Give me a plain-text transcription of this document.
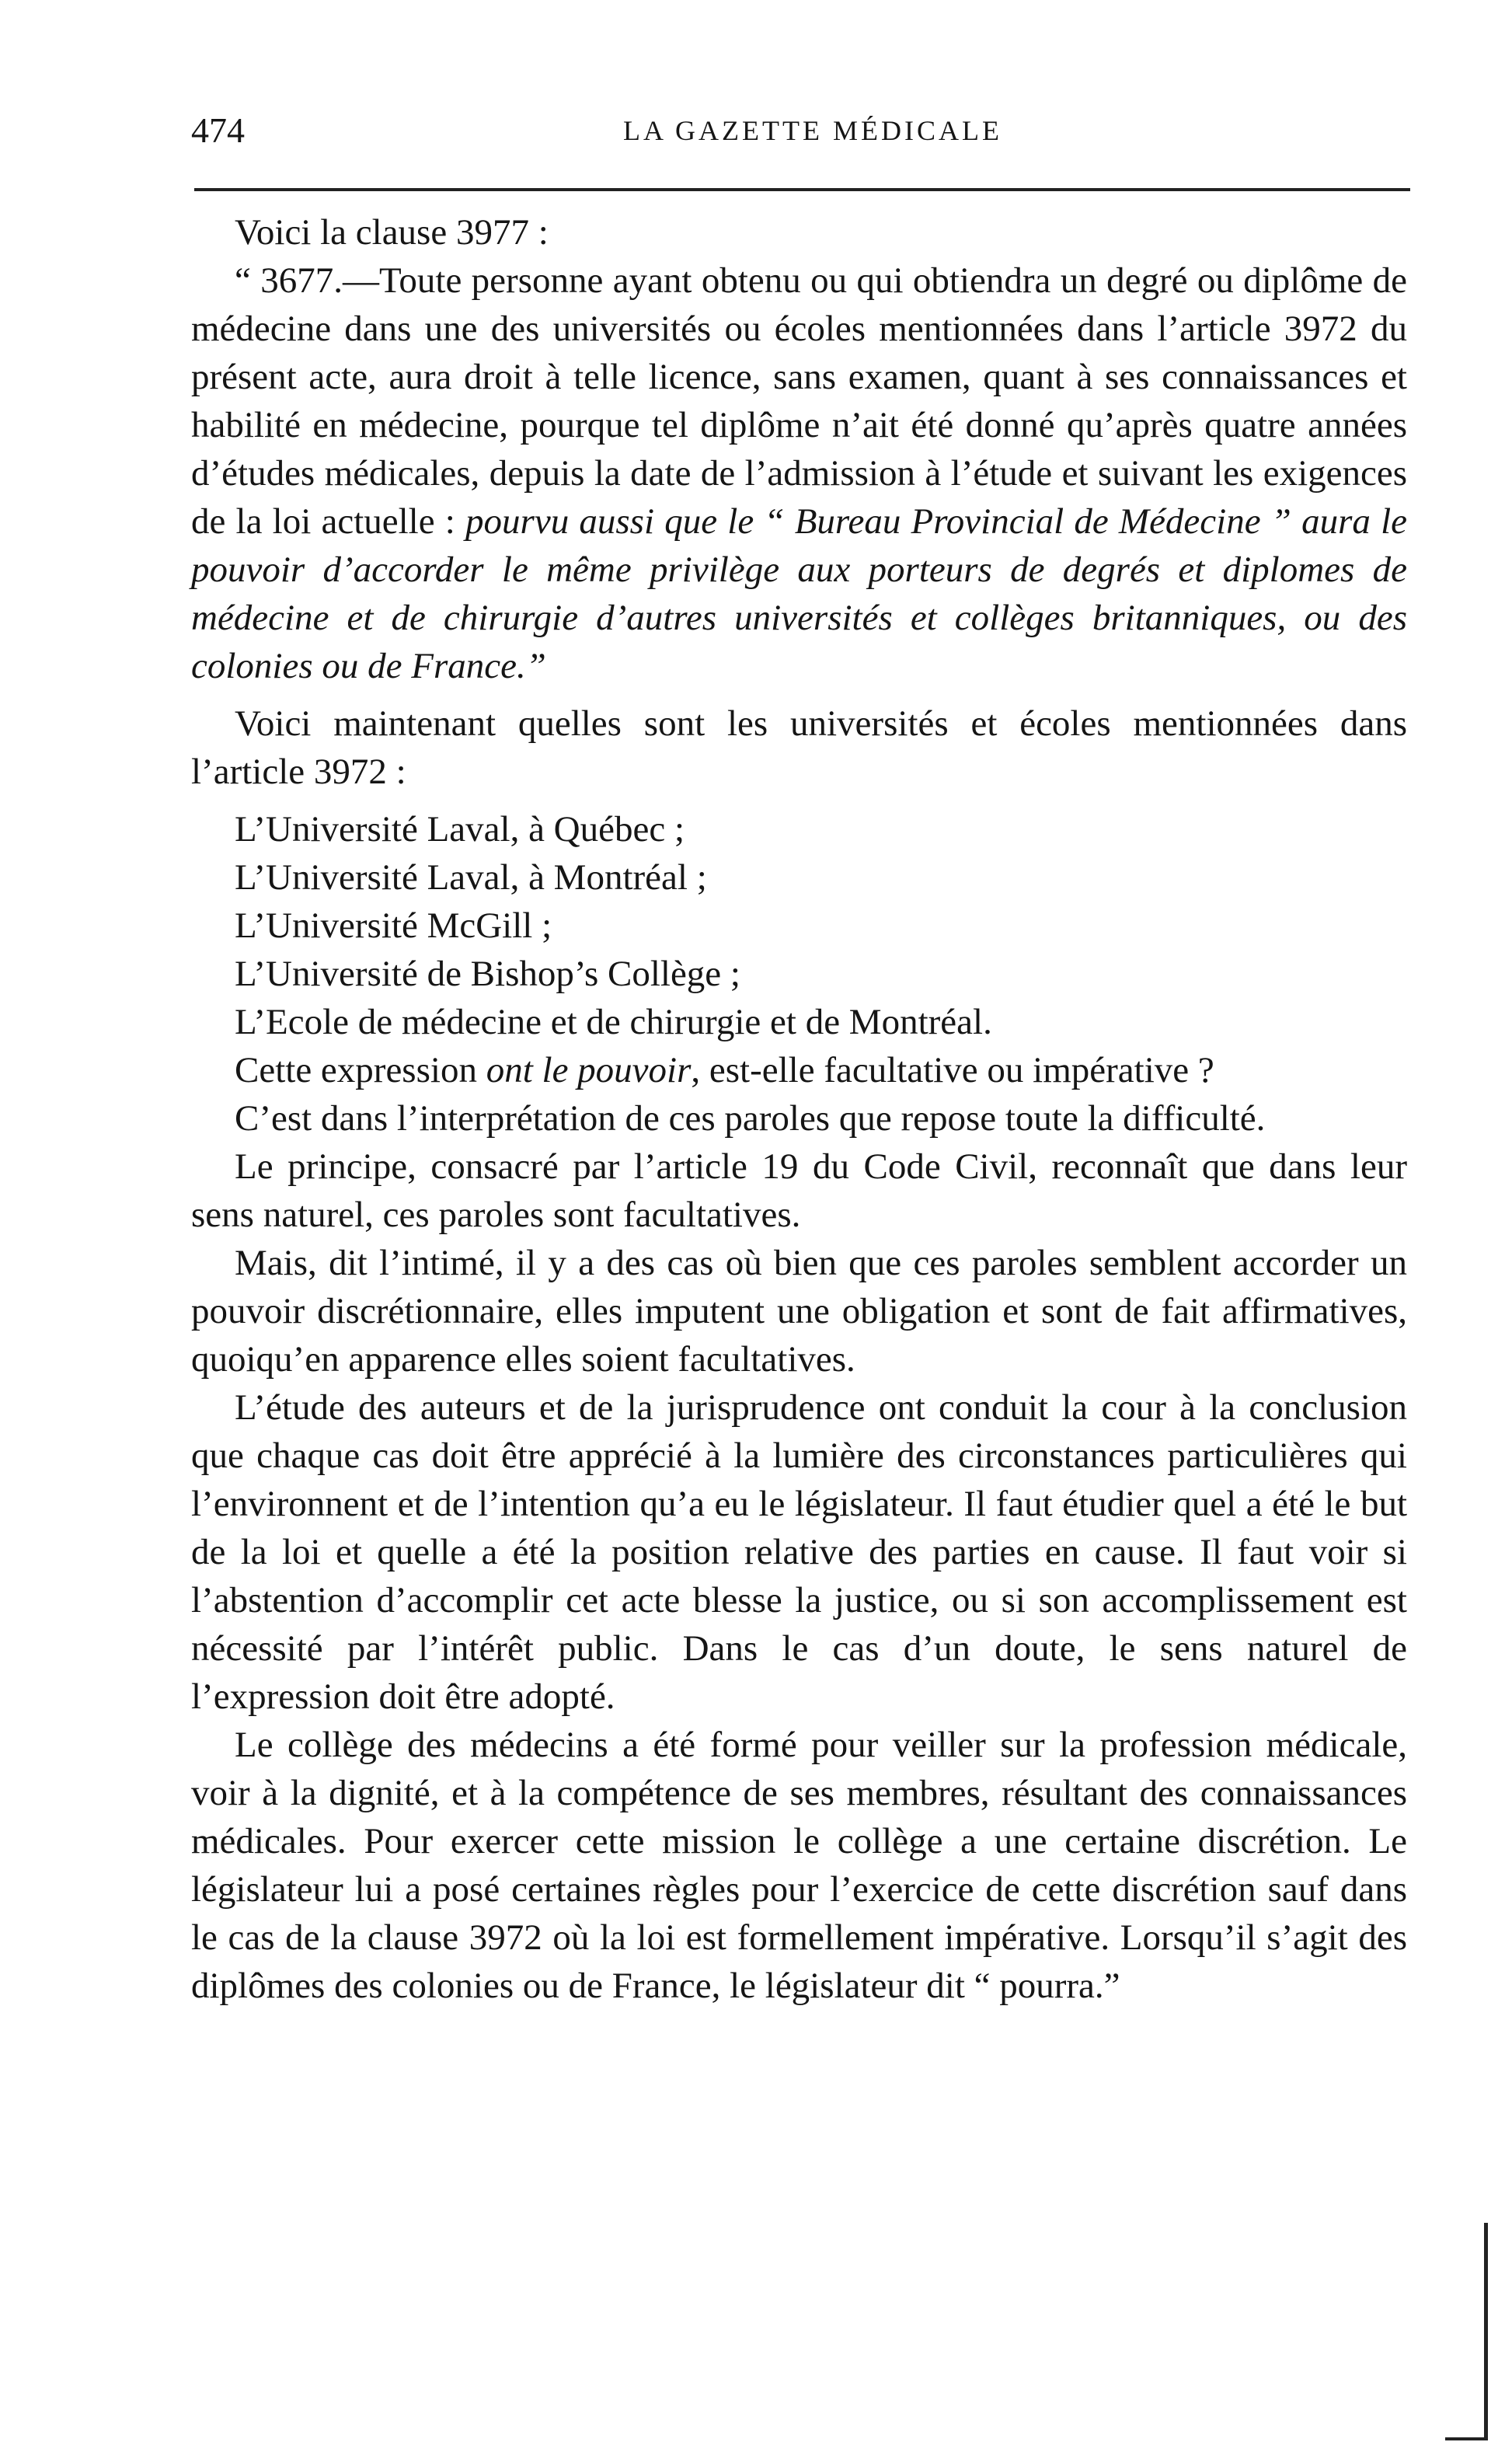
474	LA GAZETTE MÉDICALE

Voici la clause 3977 :

“ 3677.—Toute personne ayant obtenu ou qui obtiendra un degré ou diplôme de médecine dans une des universités ou écoles mentionnées dans l’article 3972 du présent acte, aura droit à telle licence, sans examen, quant à ses connaissances et habilité en médecine, pourque tel diplôme n’ait été donné qu’après quatre années d’études médicales, depuis la date de l’admission à l’étude et suivant les exigences de la loi actuelle : pourvu aussi que le “ Bureau Provincial de Médecine ” aura le pouvoir d’accorder le même privilège aux porteurs de degrés et diplomes de médecine et de chirurgie d’autres universités et collèges britanniques, ou des colonies ou de France.”

Voici maintenant quelles sont les universités et écoles mentionnées dans l’article 3972 :

L’Université Laval, à Québec ;

L’Université Laval, à Montréal ;

L’Université McGill ;

L’Université de Bishop’s Collège ;

L’Ecole de médecine et de chirurgie et de Montréal.

Cette expression ont le pouvoir, est-elle facultative ou impérative ?

C’est dans l’interprétation de ces paroles que repose toute la difficulté.

Le principe, consacré par l’article 19 du Code Civil, reconnaît que dans leur sens naturel, ces paroles sont facultatives.

Mais, dit l’intimé, il y a des cas où bien que ces paroles semblent accorder un pouvoir discrétionnaire, elles imputent une obligation et sont de fait affirmatives, quoiqu’en apparence elles soient facultatives.

L’étude des auteurs et de la jurisprudence ont conduit la cour à la conclusion que chaque cas doit être apprécié à la lumière des circonstances particulières qui l’environnent et de l’intention qu’a eu le législateur. Il faut étudier quel a été le but de la loi et quelle a été la position relative des parties en cause. Il faut voir si l’abstention d’accomplir cet acte blesse la justice, ou si son accomplissement est nécessité par l’intérêt public. Dans le cas d’un doute, le sens naturel de l’expression doit être adopté.

Le collège des médecins a été formé pour veiller sur la profession médicale, voir à la dignité, et à la compétence de ses membres, résultant des connaissances médicales. Pour exercer cette mission le collège a une certaine discrétion. Le législateur lui a posé certaines règles pour l’exercice de cette discrétion sauf dans le cas de la clause 3972 où la loi est formellement impérative. Lorsqu’il s’agit des diplômes des colonies ou de France, le législateur dit “ pourra.”
